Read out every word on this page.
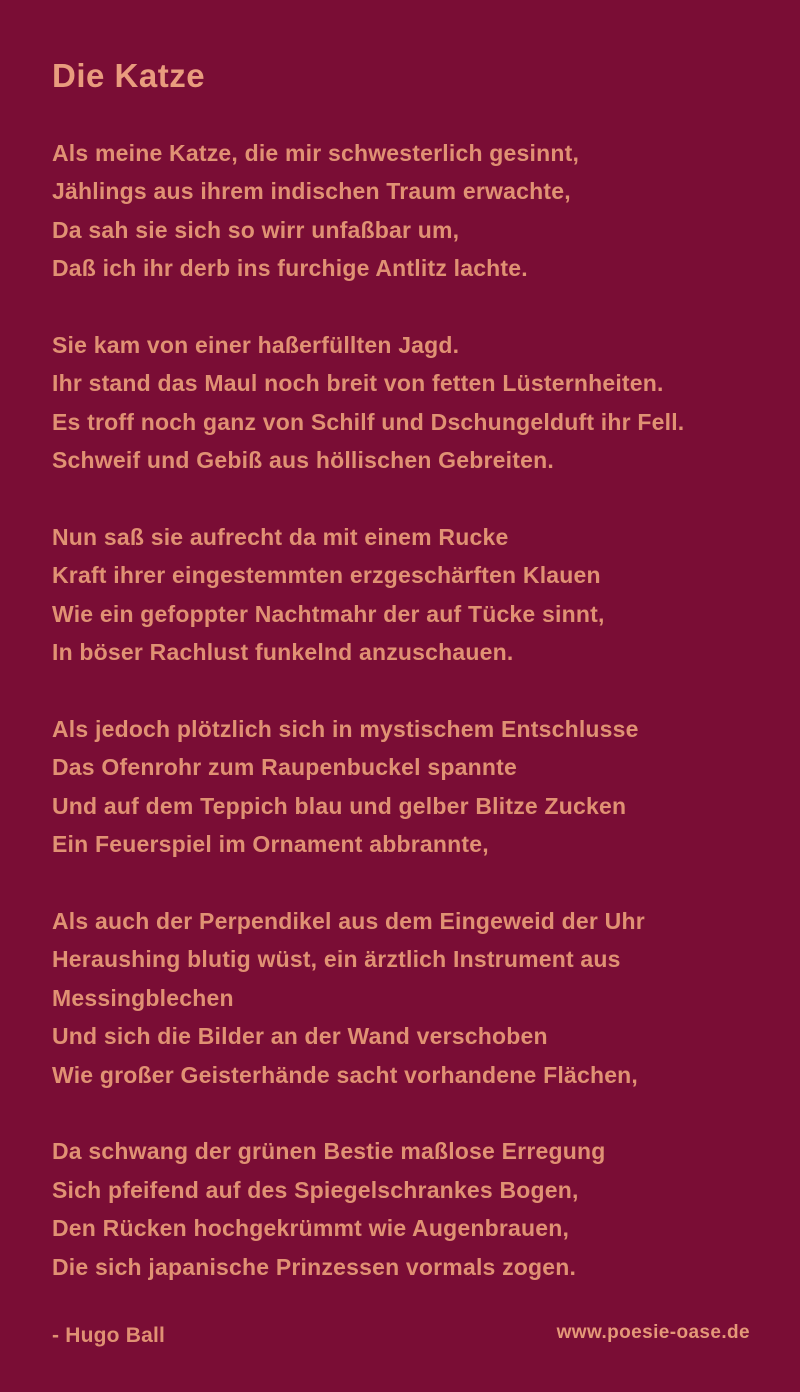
Die Katze
Als meine Katze, die mir schwesterlich gesinnt,
Jählings aus ihrem indischen Traum erwachte,
Da sah sie sich so wirr unfaßbar um,
Daß ich ihr derb ins furchige Antlitz lachte.
Sie kam von einer haßerfüllten Jagd.
Ihr stand das Maul noch breit von fetten Lüsternheiten.
Es troff noch ganz von Schilf und Dschungelduft ihr Fell.
Schweif und Gebiß aus höllischen Gebreiten.
Nun saß sie aufrecht da mit einem Rucke
Kraft ihrer eingestemmten erzgeschärften Klauen
Wie ein gefoppter Nachtmahr der auf Tücke sinnt,
In böser Rachlust funkelnd anzuschauen.
Als jedoch plötzlich sich in mystischem Entschlusse
Das Ofenrohr zum Raupenbuckel spannte
Und auf dem Teppich blau und gelber Blitze Zucken
Ein Feuerspiel im Ornament abbrannte,
Als auch der Perpendikel aus dem Eingeweid der Uhr
Heraushing blutig wüst, ein ärztlich Instrument aus
Messingblechen
Und sich die Bilder an der Wand verschoben
Wie großer Geisterhände sacht vorhandene Flächen,
Da schwang der grünen Bestie maßlose Erregung
Sich pfeifend auf des Spiegelschrankes Bogen,
Den Rücken hochgekrümmt wie Augenbrauen,
Die sich japanische Prinzessen vormals zogen.
- Hugo Ball	www.poesie-oase.de
